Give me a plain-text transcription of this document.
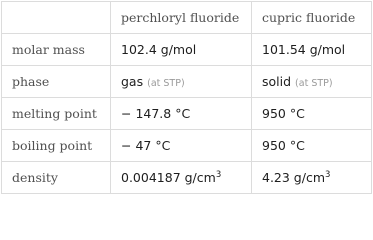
	perchloryl fluoride	cupric fluoride
molar mass	102.4 g/mol	101.54 g/mol
phase	gas (at STP)	solid (at STP)
melting point	− 147.8 °C	950 °C
boiling point	− 47 °C	950 °C
density	0.004187 $g/cm^3$	4.23 $g/cm^3$
